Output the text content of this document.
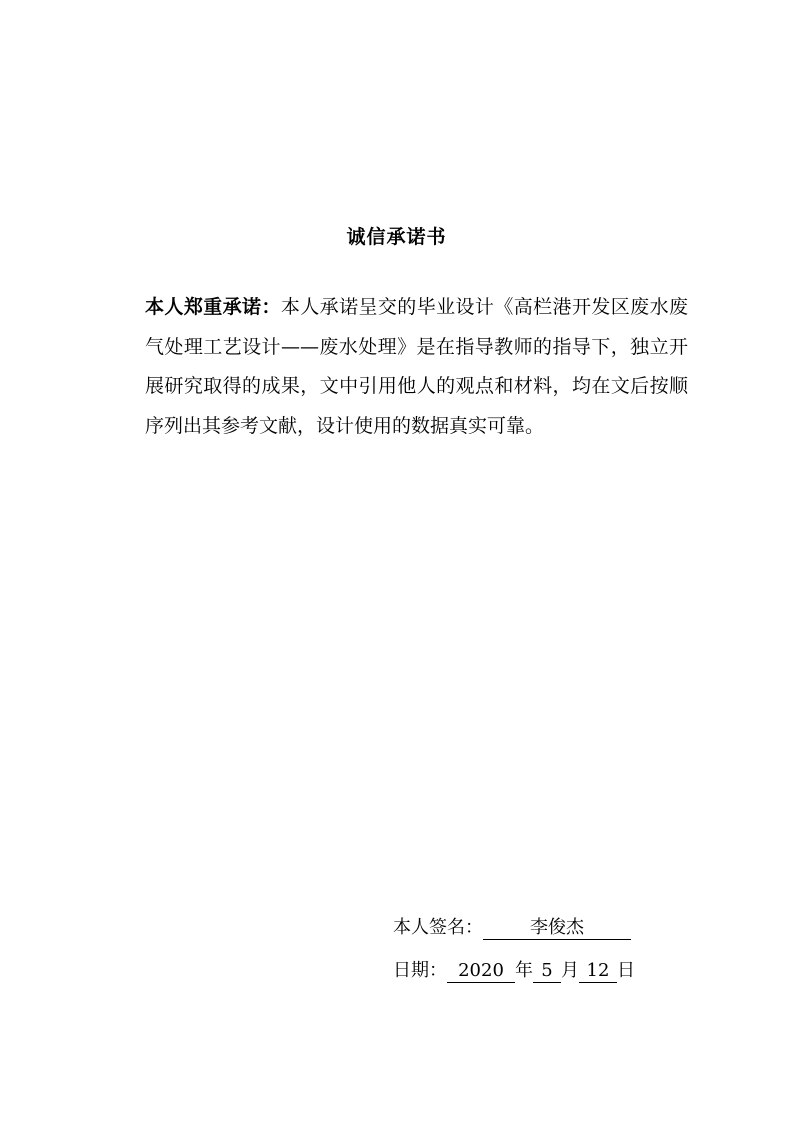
诚信承诺书
本人郑重承诺：本人承诺呈交的毕业设计《高栏港开发区废水废气处理工艺设计——废水处理》是在指导教师的指导下，独立开展研究取得的成果，文中引用他人的观点和材料，均在文后按顺序列出其参考文献，设计使用的数据真实可靠。
本人签名：	李俊杰
日期： 2020 年 5 月 12 日
